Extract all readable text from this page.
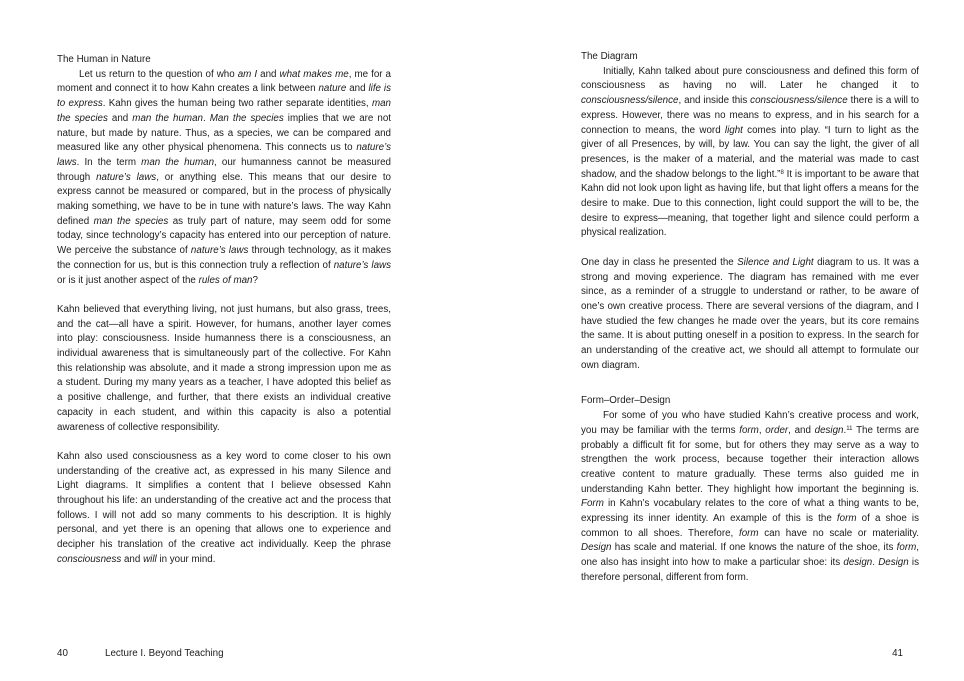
The Human in Nature

Let us return to the question of who am I and what makes me, me for a moment and connect it to how Kahn creates a link between nature and life is to express. Kahn gives the human being two rather separate identities, man the species and man the human. Man the species implies that we are not nature, but made by nature. Thus, as a species, we can be compared and measured like any other physical phenomena. This connects us to nature’s laws. In the term man the human, our humanness cannot be measured through nature’s laws, or anything else. This means that our desire to express cannot be measured or compared, but in the process of physically making something, we have to be in tune with nature’s laws. The way Kahn defined man the species as truly part of nature, may seem odd for some today, since technology’s capacity has entered into our perception of nature. We perceive the substance of nature’s laws through technology, as it makes the connection for us, but is this connection truly a reflection of nature’s laws or is it just another aspect of the rules of man?

Kahn believed that everything living, not just humans, but also grass, trees, and the cat—all have a spirit. However, for humans, another layer comes into play: consciousness. Inside humanness there is a consciousness, an individual awareness that is simultaneously part of the collective. For Kahn this relationship was absolute, and it made a strong impression upon me as a student. During my many years as a teacher, I have adopted this belief as a positive challenge, and further, that there exists an individual creative capacity in each student, and within this capacity is also a potential awareness of collective responsibility.

Kahn also used consciousness as a key word to come closer to his own understanding of the creative act, as expressed in his many Silence and Light diagrams. It simplifies a content that I believe obsessed Kahn throughout his life: an understanding of the creative act and the process that follows. I will not add so many comments to his description. It is highly personal, and yet there is an opening that allows one to experience and decipher his translation of the creative act individually. Keep the phrase consciousness and will in your mind.

The Diagram

Initially, Kahn talked about pure consciousness and defined this form of consciousness as having no will. Later he changed it to consciousness/silence, and inside this consciousness/silence there is a will to express. However, there was no means to express, and in his search for a connection to means, the word light comes into play. “I turn to light as the giver of all Presences, by will, by law. You can say the light, the giver of all presences, is the maker of a material, and the material was made to cast shadow, and the shadow belongs to the light.”$^8$ It is important to be aware that Kahn did not look upon light as having life, but that light offers a means for the desire to make. Due to this connection, light could support the will to be, the desire to express—meaning, that together light and silence could perform a physical realization.

One day in class he presented the Silence and Light diagram to us. It was a strong and moving experience. The diagram has remained with me ever since, as a reminder of a struggle to understand or rather, to be aware of one’s own creative process. There are several versions of the diagram, and I have studied the few changes he made over the years, but its core remains the same. It is about putting oneself in a position to express. In the search for an understanding of the creative act, we should all attempt to formulate our own diagram.

Form–Order–Design

For some of you who have studied Kahn’s creative process and work, you may be familiar with the terms form, order, and design.$^{11}$ The terms are probably a difficult fit for some, but for others they may serve as a way to strengthen the work process, because together their interaction allows creative content to mature gradually. These terms also guided me in understanding Kahn better. They highlight how important the beginning is. Form in Kahn’s vocabulary relates to the core of what a thing wants to be, expressing its inner identity. An example of this is the form of a shoe is common to all shoes. Therefore, form can have no scale or materiality. Design has scale and material. If one knows the nature of the shoe, its form, one also has insight into how to make a particular shoe: its design. Design is therefore personal, different from form.

40	Lecture I. Beyond Teaching	41
